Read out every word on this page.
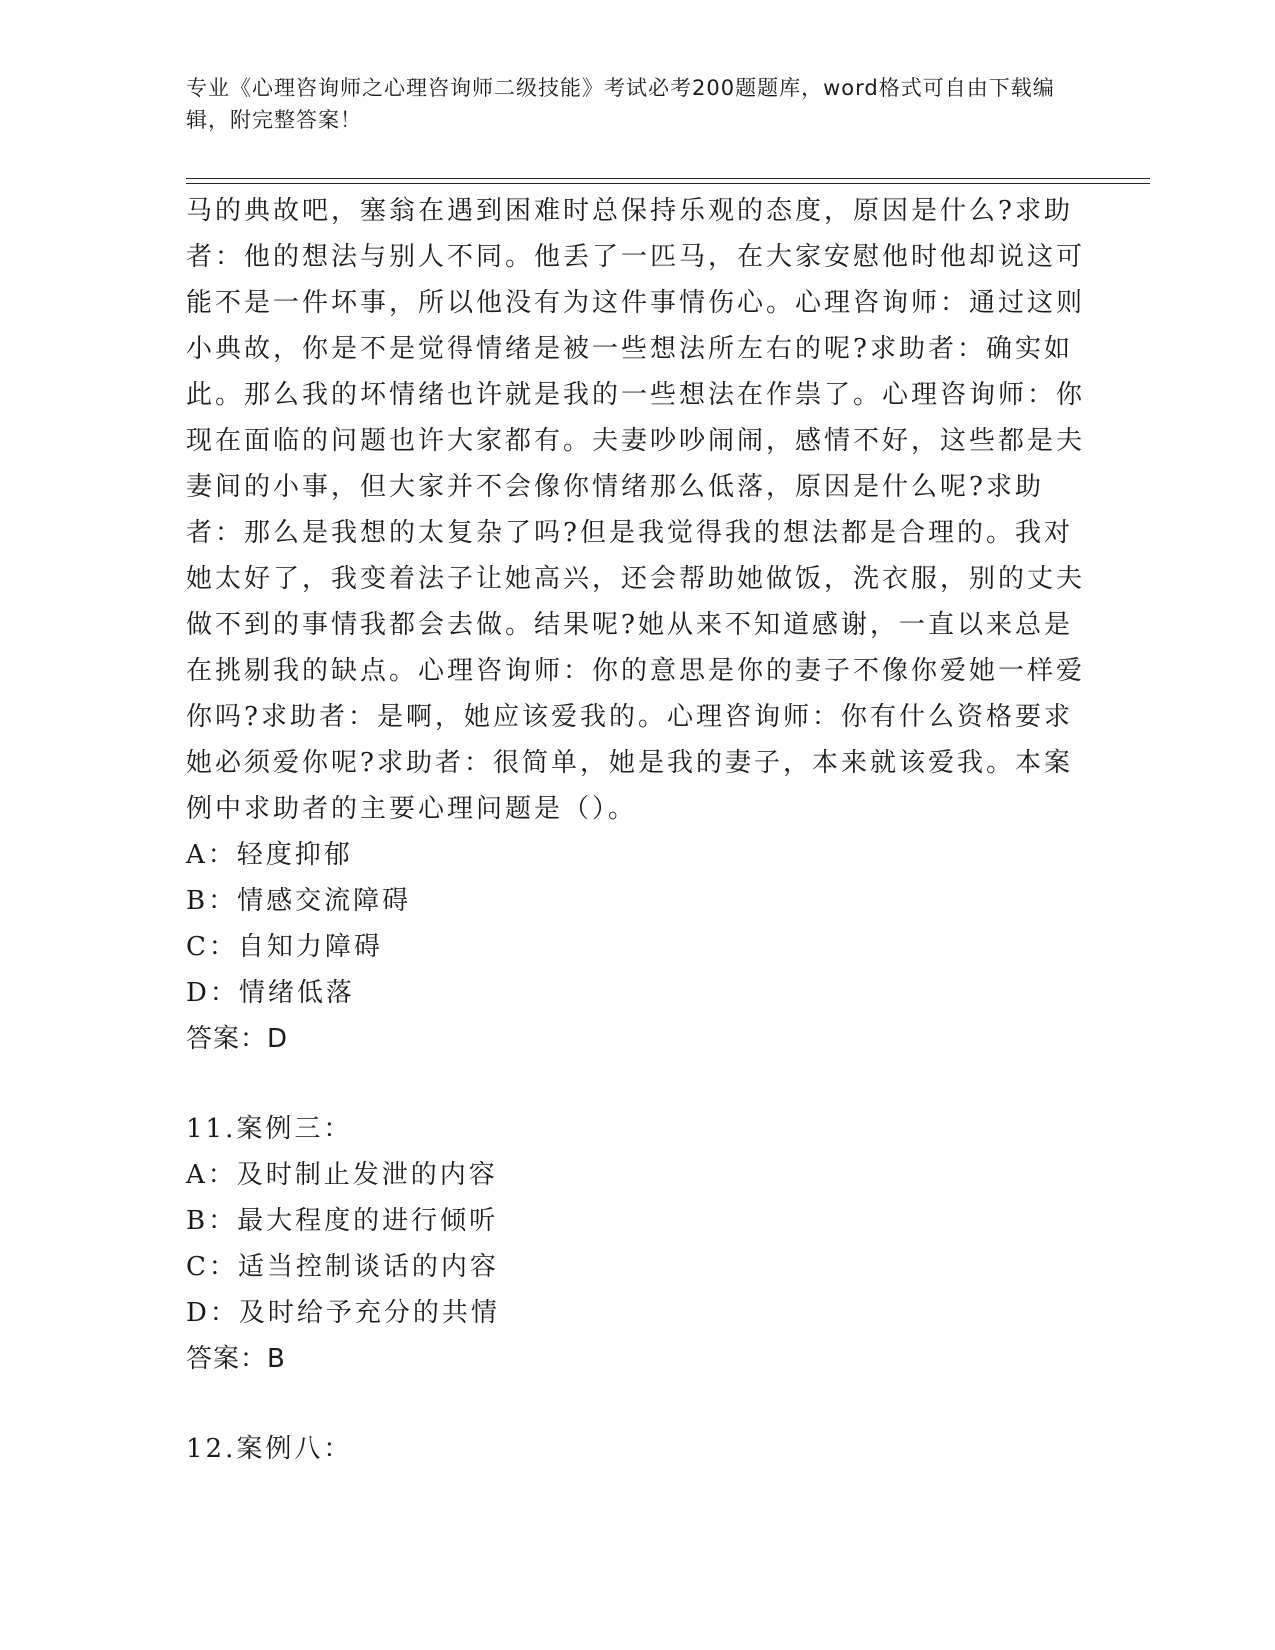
专业《心理咨询师之心理咨询师二级技能》考试必考200题题库，word格式可自由下载编辑，附完整答案！

马的典故吧，塞翁在遇到困难时总保持乐观的态度，原因是什么?求助者：他的想法与别人不同。他丢了一匹马，在大家安慰他时他却说这可能不是一件坏事，所以他没有为这件事情伤心。心理咨询师：通过这则小典故，你是不是觉得情绪是被一些想法所左右的呢?求助者：确实如此。那么我的坏情绪也许就是我的一些想法在作祟了。心理咨询师：你现在面临的问题也许大家都有。夫妻吵吵闹闹，感情不好，这些都是夫妻间的小事，但大家并不会像你情绪那么低落，原因是什么呢?求助者：那么是我想的太复杂了吗?但是我觉得我的想法都是合理的。我对她太好了，我变着法子让她高兴，还会帮助她做饭，洗衣服，别的丈夫做不到的事情我都会去做。结果呢?她从来不知道感谢，一直以来总是在挑剔我的缺点。心理咨询师：你的意思是你的妻子不像你爱她一样爱你吗?求助者：是啊，她应该爱我的。心理咨询师：你有什么资格要求她必须爱你呢?求助者：很简单，她是我的妻子，本来就该爱我。本案例中求助者的主要心理问题是（）。

A：轻度抑郁

B：情感交流障碍

C：自知力障碍

D：情绪低落

答案：D

11.案例三：

A：及时制止发泄的内容

B：最大程度的进行倾听

C：适当控制谈话的内容

D：及时给予充分的共情

答案：B

12.案例八：
